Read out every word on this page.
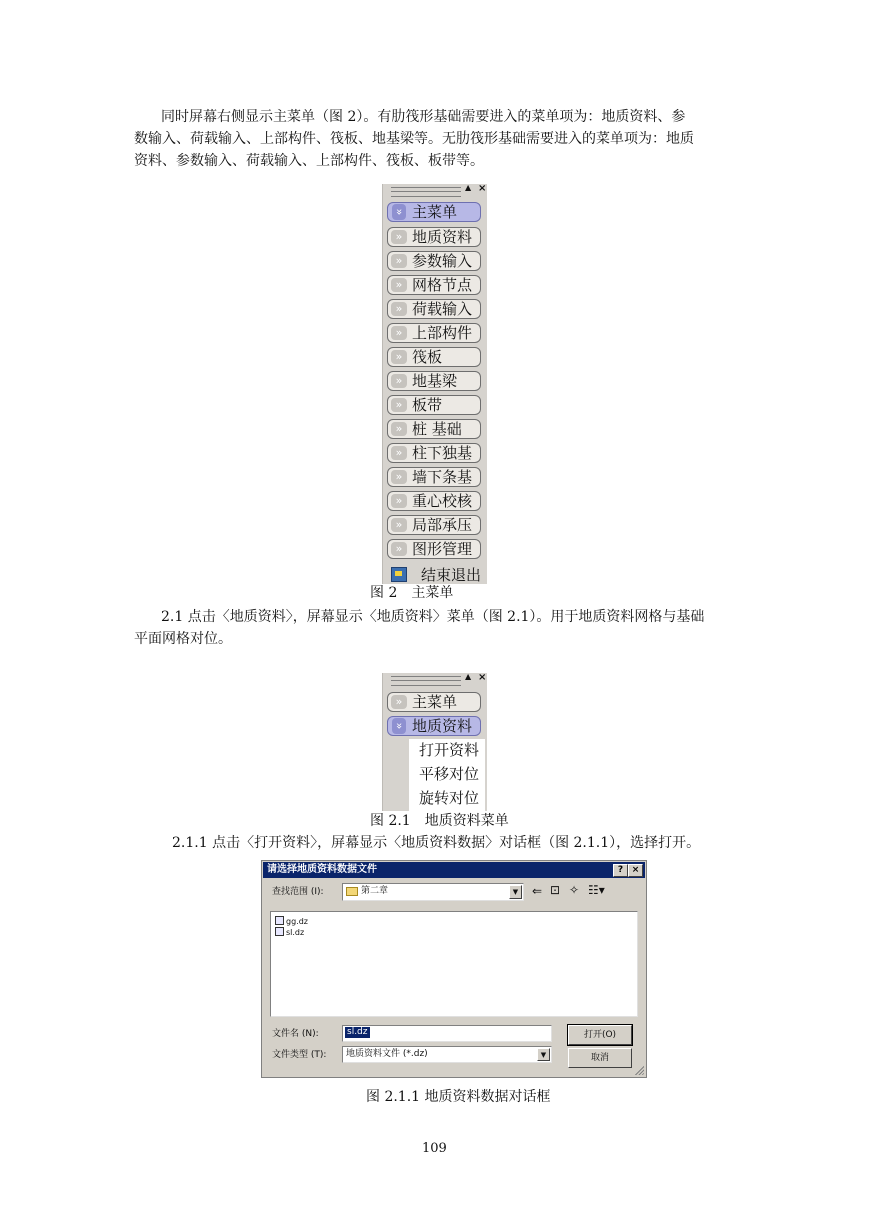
同时屏幕右侧显示主菜单（图 2）。有肋筏形基础需要进入的菜单项为：地质资料、参

数输入、荷载输入、上部构件、筏板、地基梁等。无肋筏形基础需要进入的菜单项为：地质

资料、参数输入、荷载输入、上部构件、筏板、板带等。

▲ ×
» 主菜单
» 地质资料
» 参数输入
» 网格节点
» 荷载输入
» 上部构件
» 筏板
» 地基梁
» 板带
» 桩 基础
» 柱下独基
» 墙下条基
» 重心校核
» 局部承压
» 图形管理
结束退出
图 2　主菜单

2.1 点击〈地质资料〉，屏幕显示〈地质资料〉菜单（图 2.1）。用于地质资料网格与基础

平面网格对位。

▲ ×
» 主菜单
» 地质资料
打开资料
平移对位
旋转对位
图 2.1　地质资料菜单

2.1.1 点击〈打开资料〉，屏幕显示〈地质资料数据〉对话框（图 2.1.1），选择打开。

请选择地质资料数据文件	? ×
查找范围 (I):	第二章	▼	⇐ ⊡ ✧ ☷▾
gg.dz
sl.dz
文件名 (N):	sl.dz	打开(O)
文件类型 (T): 地质资料文件 (*.dz)	▼	取消
图 2.1.1 地质资料数据对话框
109
